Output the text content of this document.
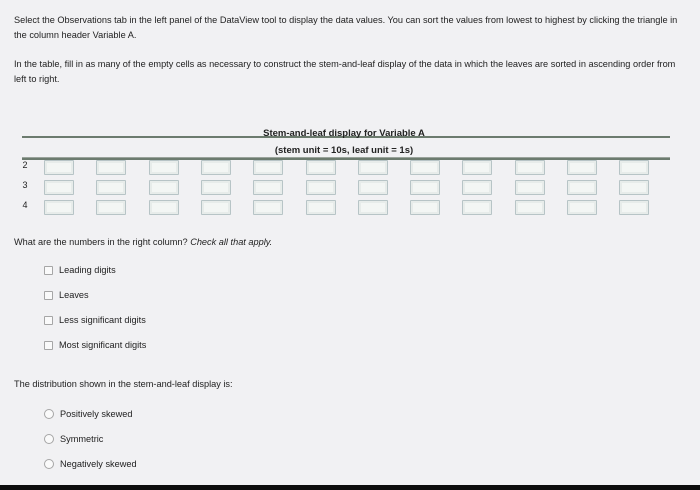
Select the Observations tab in the left panel of the DataView tool to display the data values. You can sort the values from lowest to highest by clicking the triangle in the column header Variable A.

In the table, fill in as many of the empty cells as necessary to construct the stem-and-leaf display of the data in which the leaves are sorted in ascending order from left to right.

Stem-and-leaf display for Variable A
(stem unit = 10s, leaf unit = 1s)
2
3
4

What are the numbers in the right column? Check all that apply.

Leading digits
Leaves
Less significant digits
Most significant digits

The distribution shown in the stem-and-leaf display is:

Positively skewed
Symmetric
Negatively skewed
